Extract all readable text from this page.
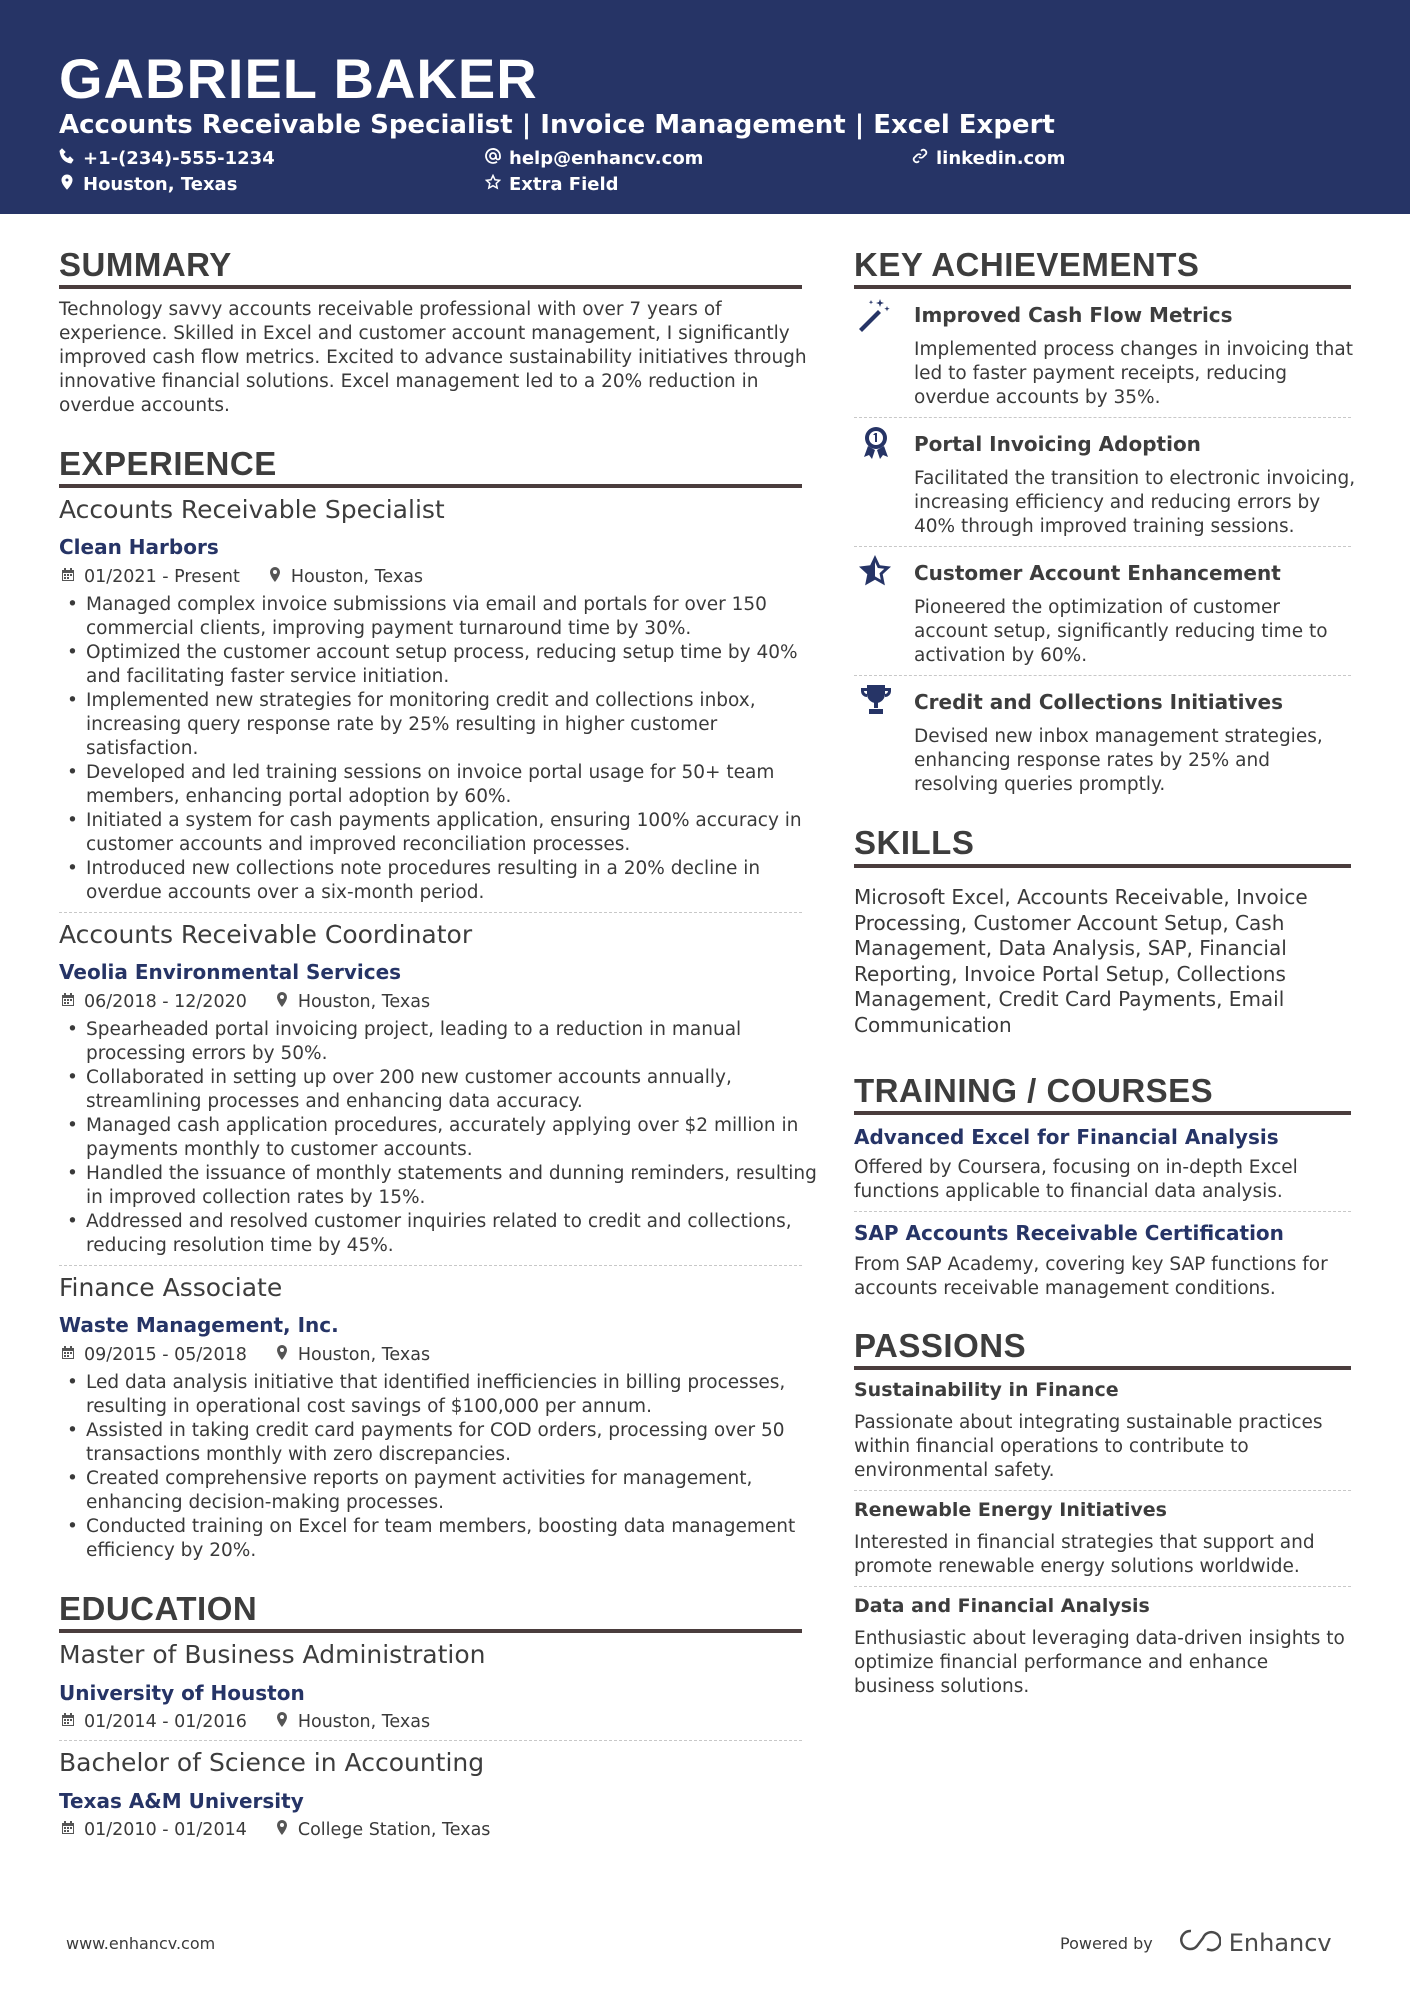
GABRIEL BAKER
Accounts Receivable Specialist | Invoice Management | Excel Expert
+1-(234)-555-1234
Houston, Texas
help@enhancv.com
Extra Field
linkedin.com
SUMMARY
Technology savvy accounts receivable professional with over 7 years of experience. Skilled in Excel and customer account management, I significantly improved cash flow metrics. Excited to advance sustainability initiatives through innovative financial solutions. Excel management led to a 20% reduction in overdue accounts.
EXPERIENCE
Accounts Receivable Specialist
Clean Harbors
01/2021 - Present	Houston, Texas
• Managed complex invoice submissions via email and portals for over 150 commercial clients, improving payment turnaround time by 30%.
• Optimized the customer account setup process, reducing setup time by 40% and facilitating faster service initiation.
• Implemented new strategies for monitoring credit and collections inbox, increasing query response rate by 25% resulting in higher customer satisfaction.
• Developed and led training sessions on invoice portal usage for 50+ team members, enhancing portal adoption by 60%.
• Initiated a system for cash payments application, ensuring 100% accuracy in customer accounts and improved reconciliation processes.
• Introduced new collections note procedures resulting in a 20% decline in overdue accounts over a six-month period.
Accounts Receivable Coordinator
Veolia Environmental Services
06/2018 - 12/2020	Houston, Texas
• Spearheaded portal invoicing project, leading to a reduction in manual processing errors by 50%.
• Collaborated in setting up over 200 new customer accounts annually, streamlining processes and enhancing data accuracy.
• Managed cash application procedures, accurately applying over $2 million in payments monthly to customer accounts.
• Handled the issuance of monthly statements and dunning reminders, resulting in improved collection rates by 15%.
• Addressed and resolved customer inquiries related to credit and collections, reducing resolution time by 45%.
Finance Associate
Waste Management, Inc.
09/2015 - 05/2018	Houston, Texas
• Led data analysis initiative that identified inefficiencies in billing processes, resulting in operational cost savings of $100,000 per annum.
• Assisted in taking credit card payments for COD orders, processing over 50 transactions monthly with zero discrepancies.
• Created comprehensive reports on payment activities for management, enhancing decision-making processes.
• Conducted training on Excel for team members, boosting data management efficiency by 20%.
EDUCATION
Master of Business Administration
University of Houston
01/2014 - 01/2016	Houston, Texas
Bachelor of Science in Accounting
Texas A&M University
01/2010 - 01/2014	College Station, Texas
KEY ACHIEVEMENTS
Improved Cash Flow Metrics
Implemented process changes in invoicing that led to faster payment receipts, reducing overdue accounts by 35%.
Portal Invoicing Adoption
Facilitated the transition to electronic invoicing, increasing efficiency and reducing errors by 40% through improved training sessions.
Customer Account Enhancement
Pioneered the optimization of customer account setup, significantly reducing time to activation by 60%.
Credit and Collections Initiatives
Devised new inbox management strategies, enhancing response rates by 25% and resolving queries promptly.
SKILLS
Microsoft Excel, Accounts Receivable, Invoice Processing, Customer Account Setup, Cash Management, Data Analysis, SAP, Financial Reporting, Invoice Portal Setup, Collections Management, Credit Card Payments, Email Communication
TRAINING / COURSES
Advanced Excel for Financial Analysis
Offered by Coursera, focusing on in-depth Excel functions applicable to financial data analysis.
SAP Accounts Receivable Certification
From SAP Academy, covering key SAP functions for accounts receivable management conditions.
PASSIONS
Sustainability in Finance
Passionate about integrating sustainable practices within financial operations to contribute to environmental safety.
Renewable Energy Initiatives
Interested in financial strategies that support and promote renewable energy solutions worldwide.
Data and Financial Analysis
Enthusiastic about leveraging data-driven insights to optimize financial performance and enhance business solutions.
www.enhancv.com	Powered by	Enhancv
